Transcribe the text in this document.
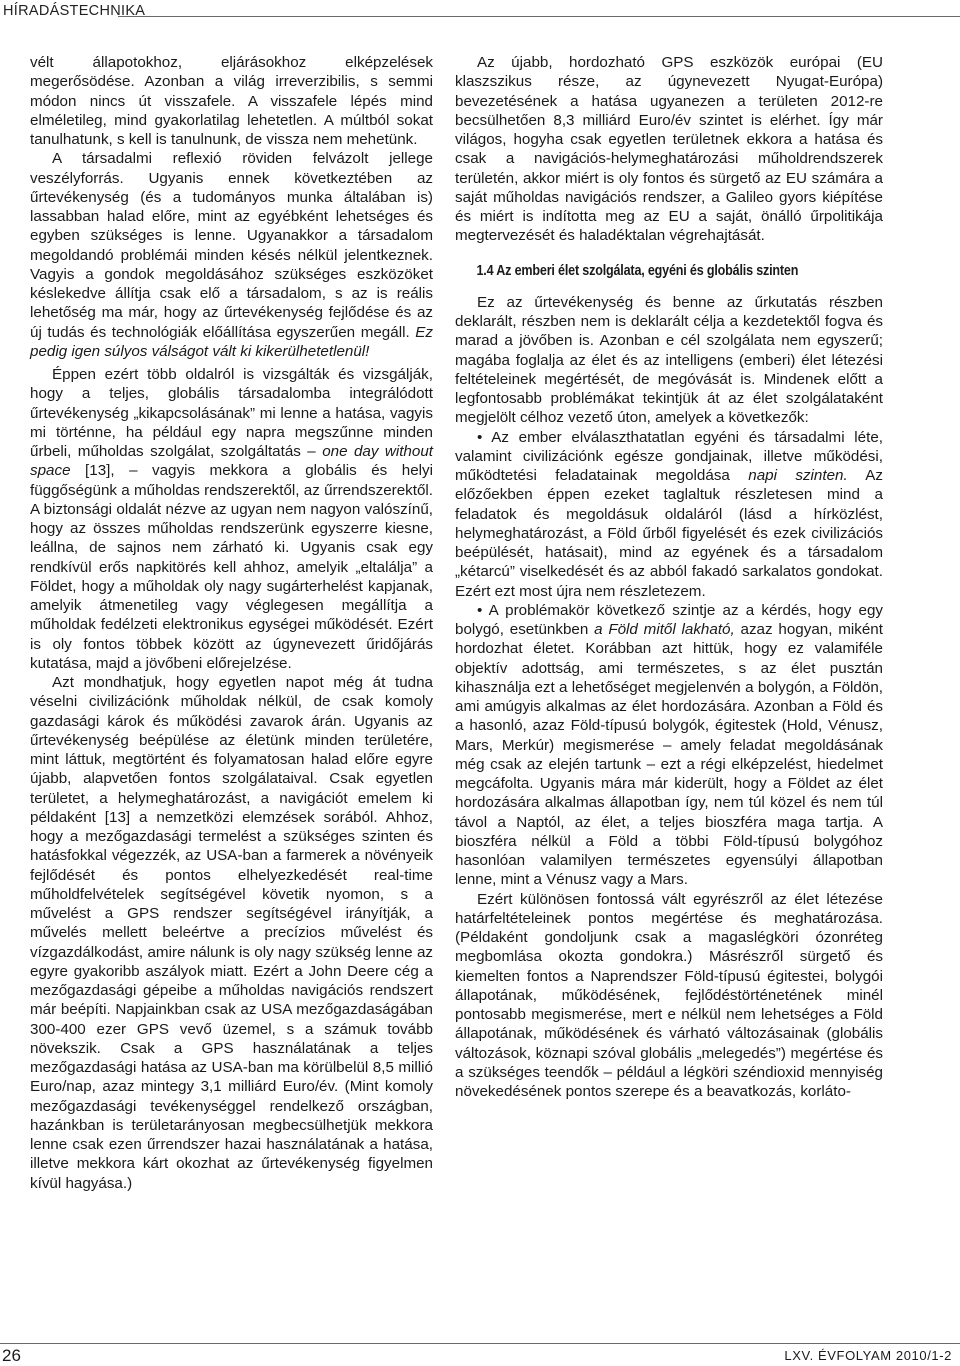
HÍRADÁSTECHNIKA

vélt állapotokhoz, eljárásokhoz elképzelések megerősödése. Azonban a világ irreverzibilis, s semmi módon nincs út visszafele. A visszafele lépés mind elméletileg, mind gyakorlatilag lehetetlen. A múltból sokat tanulhatunk, s kell is tanulnunk, de vissza nem mehetünk.

A társadalmi reflexió röviden felvázolt jellege veszélyforrás. Ugyanis ennek következtében az űrtevékenység (és a tudományos munka általában is) lassabban halad előre, mint az egyébként lehetséges és egyben szükséges is lenne. Ugyanakkor a társadalom megoldandó problémái minden késés nélkül jelentkeznek. Vagyis a gondok megoldásához szükséges eszközöket késlekedve állítja csak elő a társadalom, s az is reális lehetőség ma már, hogy az űrtevékenység fejlődése és az új tudás és technológiák előállítása egyszerűen megáll. Ez pedig igen súlyos válságot vált ki kikerülhetetlenül!

Éppen ezért több oldalról is vizsgálták és vizsgálják, hogy a teljes, globális társadalomba integrálódott űrtevékenység „kikapcsolásának” mi lenne a hatása, vagyis mi történne, ha például egy napra megszűnne minden űrbeli, műholdas szolgálat, szolgáltatás – one day without space [13], – vagyis mekkora a globális és helyi függőségünk a műholdas rendszerektől, az űrrendszerektől. A biztonsági oldalát nézve az ugyan nem nagyon valószínű, hogy az összes műholdas rendszerünk egyszerre kiesne, leállna, de sajnos nem zárható ki. Ugyanis csak egy rendkívül erős napkitörés kell ahhoz, amelyik „eltalálja” a Földet, hogy a műholdak oly nagy sugárterhelést kapjanak, amelyik átmenetileg vagy véglegesen megállítja a műholdak fedélzeti elektronikus egységei működését. Ezért is oly fontos többek között az úgynevezett űridőjárás kutatása, majd a jövőbeni előrejelzése.

Azt mondhatjuk, hogy egyetlen napot még át tudna véselni civilizációnk műholdak nélkül, de csak komoly gazdasági károk és működési zavarok árán. Ugyanis az űrtevékenység beépülése az életünk minden területére, mint láttuk, megtörtént és folyamatosan halad előre egyre újabb, alapvetően fontos szolgálataival. Csak egyetlen területet, a helymeghatározást, a navigációt emelem ki példaként [13] a nemzetközi elemzések sorából. Ahhoz, hogy a mezőgazdasági termelést a szükséges szinten és hatásfokkal végezzék, az USA-ban a farmerek a növényeik fejlődését és pontos elhelyezkedését real-time műholdfelvételek segítségével követik nyomon, s a művelést a GPS rendszer segítségével irányítják, a művelés mellett beleértve a precízios művelést és vízgazdálkodást, amire nálunk is oly nagy szükség lenne az egyre gyakoribb aszályok miatt. Ezért a John Deere cég a mezőgazdasági gépeibe a műholdas navigációs rendszert már beépíti. Napjainkban csak az USA mezőgazdaságában 300-400 ezer GPS vevő üzemel, s a számuk tovább növekszik. Csak a GPS használatának a teljes mezőgazdasági hatása az USA-ban ma körülbelül 8,5 millió Euro/nap, azaz mintegy 3,1 milliárd Euro/év. (Mint komoly mezőgazdasági tevékenységgel rendelkező országban, hazánkban is területarányosan megbecsülhetjük mekkora lenne csak ezen űrrendszer hazai használatának a hatása, illetve mekkora kárt okozhat az űrtevékenység figyelmen kívül hagyása.)

Az újabb, hordozható GPS eszközök európai (EU klaszszikus része, az úgynevezett Nyugat-Európa) bevezetésének a hatása ugyanezen a területen 2012-re becsülhetően 8,3 milliárd Euro/év szintet is elérhet. Így már világos, hogyha csak egyetlen területnek ekkora a hatása és csak a navigációs-helymeghatározási műholdrendszerek területén, akkor miért is oly fontos és sürgető az EU számára a saját műholdas navigációs rendszer, a Galileo gyors kiépítése és miért is indította meg az EU a saját, önálló űrpolitikája megtervezését és haladéktalan végrehajtását.

1.4 Az emberi élet szolgálata, egyéni és globális szinten

Ez az űrtevékenység és benne az űrkutatás részben deklarált, részben nem is deklarált célja a kezdetektől fogva és marad a jövőben is. Azonban e cél szolgálata nem egyszerű; magába foglalja az élet és az intelligens (emberi) élet létezési feltételeinek megértését, de megóvását is. Mindenek előtt a legfontosabb problémákat tekintjük át az élet szolgálataként megjelölt célhoz vezető úton, amelyek a következők:

• Az ember elválaszthatatlan egyéni és társadalmi léte, valamint civilizációnk egésze gondjainak, illetve működési, működtetési feladatainak megoldása napi szinten. Az előzőekben éppen ezeket taglaltuk részletesen mind a feladatok és megoldásuk oldaláról (lásd a hírközlést, helymeghatározást, a Föld űrből figyelését és ezek civilizációs beépülését, hatásait), mind az egyének és a társadalom „kétarcú” viselkedését és az abból fakadó sarkalatos gondokat. Ezért ezt most újra nem részletezem.

• A problémakör következő szintje az a kérdés, hogy egy bolygó, esetünkben a Föld mitől lakható, azaz hogyan, miként hordozhat életet. Korábban azt hittük, hogy ez valamiféle objektív adottság, ami természetes, s az élet pusztán kihasználja ezt a lehetőséget megjelenvén a bolygón, a Földön, ami amúgyis alkalmas az élet hordozására. Azonban a Föld és a hasonló, azaz Föld-típusú bolygók, égitestek (Hold, Vénusz, Mars, Merkúr) megismerése – amely feladat megoldásának még csak az elején tartunk – ezt a régi elképzelést, hiedelmet megcáfolta. Ugyanis mára már kiderült, hogy a Földet az élet hordozására alkalmas állapotban így, nem túl közel és nem túl távol a Naptól, az élet, a teljes bioszféra maga tartja. A bioszféra nélkül a Föld a többi Föld-típusú bolygóhoz hasonlóan valamilyen természetes egyensúlyi állapotban lenne, mint a Vénusz vagy a Mars.

Ezért különösen fontossá vált egyrészről az élet létezése határfeltételeinek pontos megértése és meghatározása. (Példaként gondoljunk csak a magaslégköri ózonréteg megbomlása okozta gondokra.) Másrészről sürgető és kiemelten fontos a Naprendszer Föld-típusú égitestei, bolygói állapotának, működésének, fejlődéstörténetének minél pontosabb megismerése, mert e nélkül nem lehetséges a Föld állapotának, működésének és várható változásainak (globális változások, köznapi szóval globális „melegedés”) megértése és a szükséges teendők – például a légköri széndioxid mennyiség növekedésének pontos szerepe és a beavatkozás, korláto-

26	LXV. ÉVFOLYAM 2010/1-2
